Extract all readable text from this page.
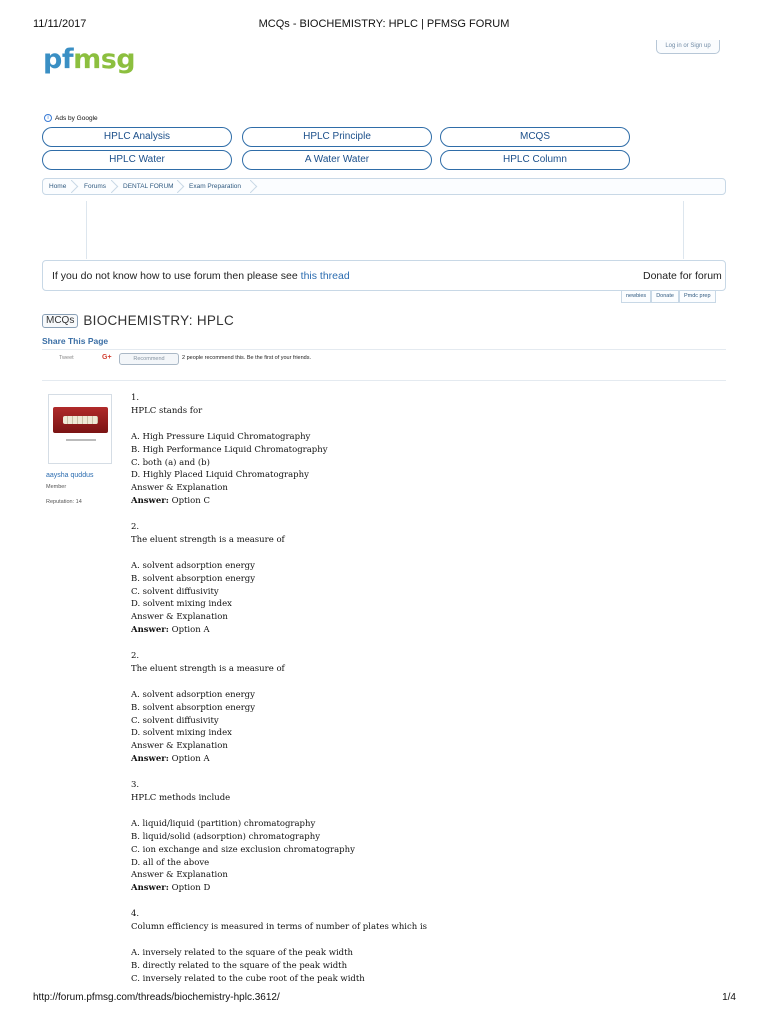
11/11/2017	MCQs - BIOCHEMISTRY: HPLC | PFMSG FORUM
pfmsg	Log in or Sign up
i Ads by Google
HPLC Analysis	HPLC Principle	MCQS
HPLC Water	A Water Water	HPLC Column
Home	Forums	DENTAL FORUM Exam Preparation
If you do not know how to use forum then please see this thread	Donate for forum
newbies	Donate	Pmdc prep
MCQs BIOCHEMISTRY: HPLC
Share This Page
Tweet	G+	Recommend	2 people recommend this. Be the first of your friends.
aaysha quddus
Member
Reputation: 14
1.
HPLC stands for
A. High Pressure Liquid Chromatography
B. High Performance Liquid Chromatography
C. both (a) and (b)
D. Highly Placed Liquid Chromatography
Answer & Explanation
Answer: Option C
2.
The eluent strength is a measure of
A. solvent adsorption energy
B. solvent absorption energy
C. solvent diffusivity
D. solvent mixing index
Answer & Explanation
Answer: Option A
2.
The eluent strength is a measure of
A. solvent adsorption energy
B. solvent absorption energy
C. solvent diffusivity
D. solvent mixing index
Answer & Explanation
Answer: Option A
3.
HPLC methods include
A. liquid/liquid (partition) chromatography
B. liquid/solid (adsorption) chromatography
C. ion exchange and size exclusion chromatography
D. all of the above
Answer & Explanation
Answer: Option D
4.
Column efficiency is measured in terms of number of plates which is
A. inversely related to the square of the peak width
B. directly related to the square of the peak width
C. inversely related to the cube root of the peak width
http://forum.pfmsg.com/threads/biochemistry-hplc.3612/	1/4
